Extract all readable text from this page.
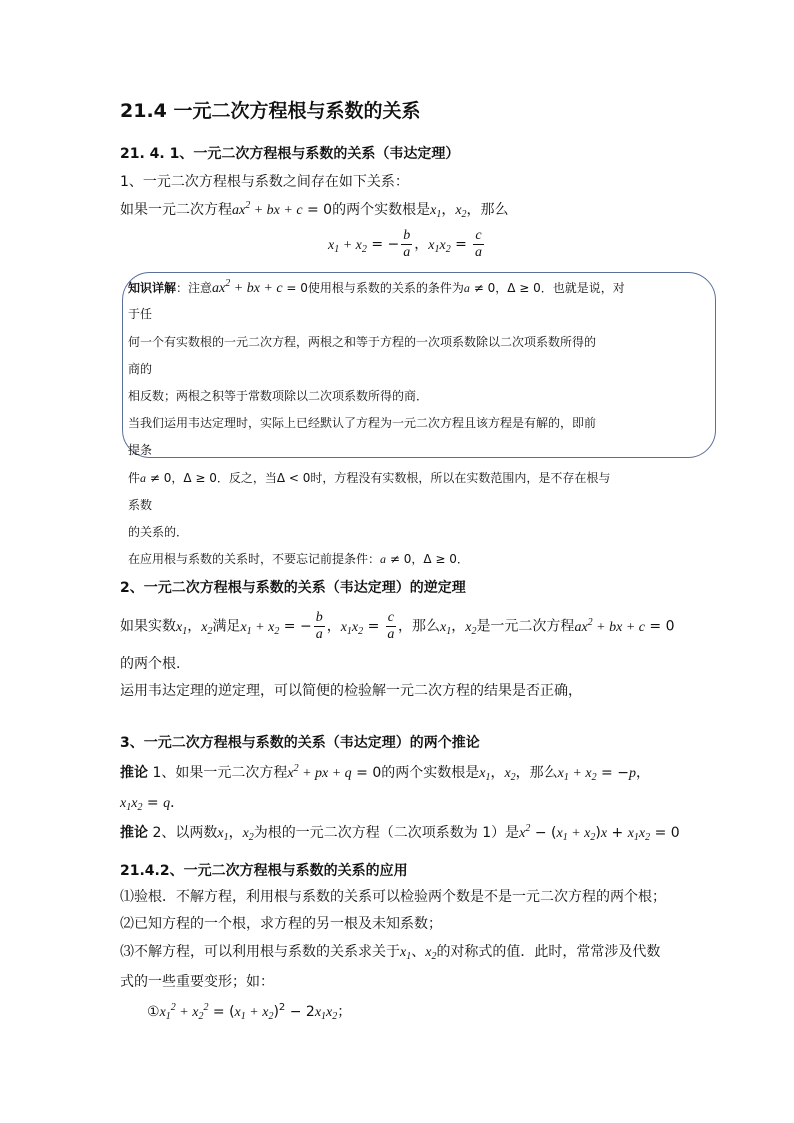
21.4 一元二次方程根与系数的关系
21. 4. 1、一元二次方程根与系数的关系（韦达定理）
1、一元二次方程根与系数之间存在如下关系：
如果一元二次方程$ax^2$ + bx + c = 0的两个实数根是$x_1$，$x_2$，那么
$x_1 + x_2$ = − $\frac{b}{a}$ ，$x_1x_2 = \frac{c}{a}$
知识详解：注意$ax^2$ + bx + c = 0使用根与系数的关系的条件为a ≠ 0，Δ ≥ 0．也就是说，对
于任
何一个有实数根的一元二次方程，两根之和等于方程的一次项系数除以二次项系数所得的
商的
相反数；两根之积等于常数项除以二次项系数所得的商．
当我们运用韦达定理时，实际上已经默认了方程为一元二次方程且该方程是有解的，即前
提条
件a ≠ 0，Δ ≥ 0．反之，当Δ < 0时，方程没有实数根，所以在实数范围内，是不存在根与
系数
的关系的．
在应用根与系数的关系时，不要忘记前提条件：a ≠ 0，Δ ≥ 0．
2、一元二次方程根与系数的关系（韦达定理）的逆定理
如果实数$x_1$，$x_2$满足$x_1 + x_2$ = − $\frac{b}{a}$ ，$x_1x_2 = \frac{c}{a}$ ，那么$x_1$，$x_2$是一元二次方程$ax^2$ + bx + c = 0
的两个根.
运用韦达定理的逆定理，可以简便的检验解一元二次方程的结果是否正确，
3、一元二次方程根与系数的关系（韦达定理）的两个推论
推论 1、如果一元二次方程$x^2$ + px + q = 0的两个实数根是$x_1$，$x_2$，那么$x_1 + x_2 = -p$，
$x_1x_2 = q$．
推论 2、以两数$x_1$，$x_2$为根的一元二次方程（二次项系数为 1）是$x^2 - (x_1 + x_2)x + x_1x_2 = 0$
21.4.2、一元二次方程根与系数的关系的应用
⑴验根．不解方程，利用根与系数的关系可以检验两个数是不是一元二次方程的两个根；
⑵已知方程的一个根，求方程的另一根及未知系数；
⑶不解方程，可以利用根与系数的关系求关于$x_1$、$x_2$的对称式的值．此时，常常涉及代数
式的一些重要变形；如：
$①x_1^2 + x_2^2 = (x_1 + x_2)^2 - 2x_1x_2$；
